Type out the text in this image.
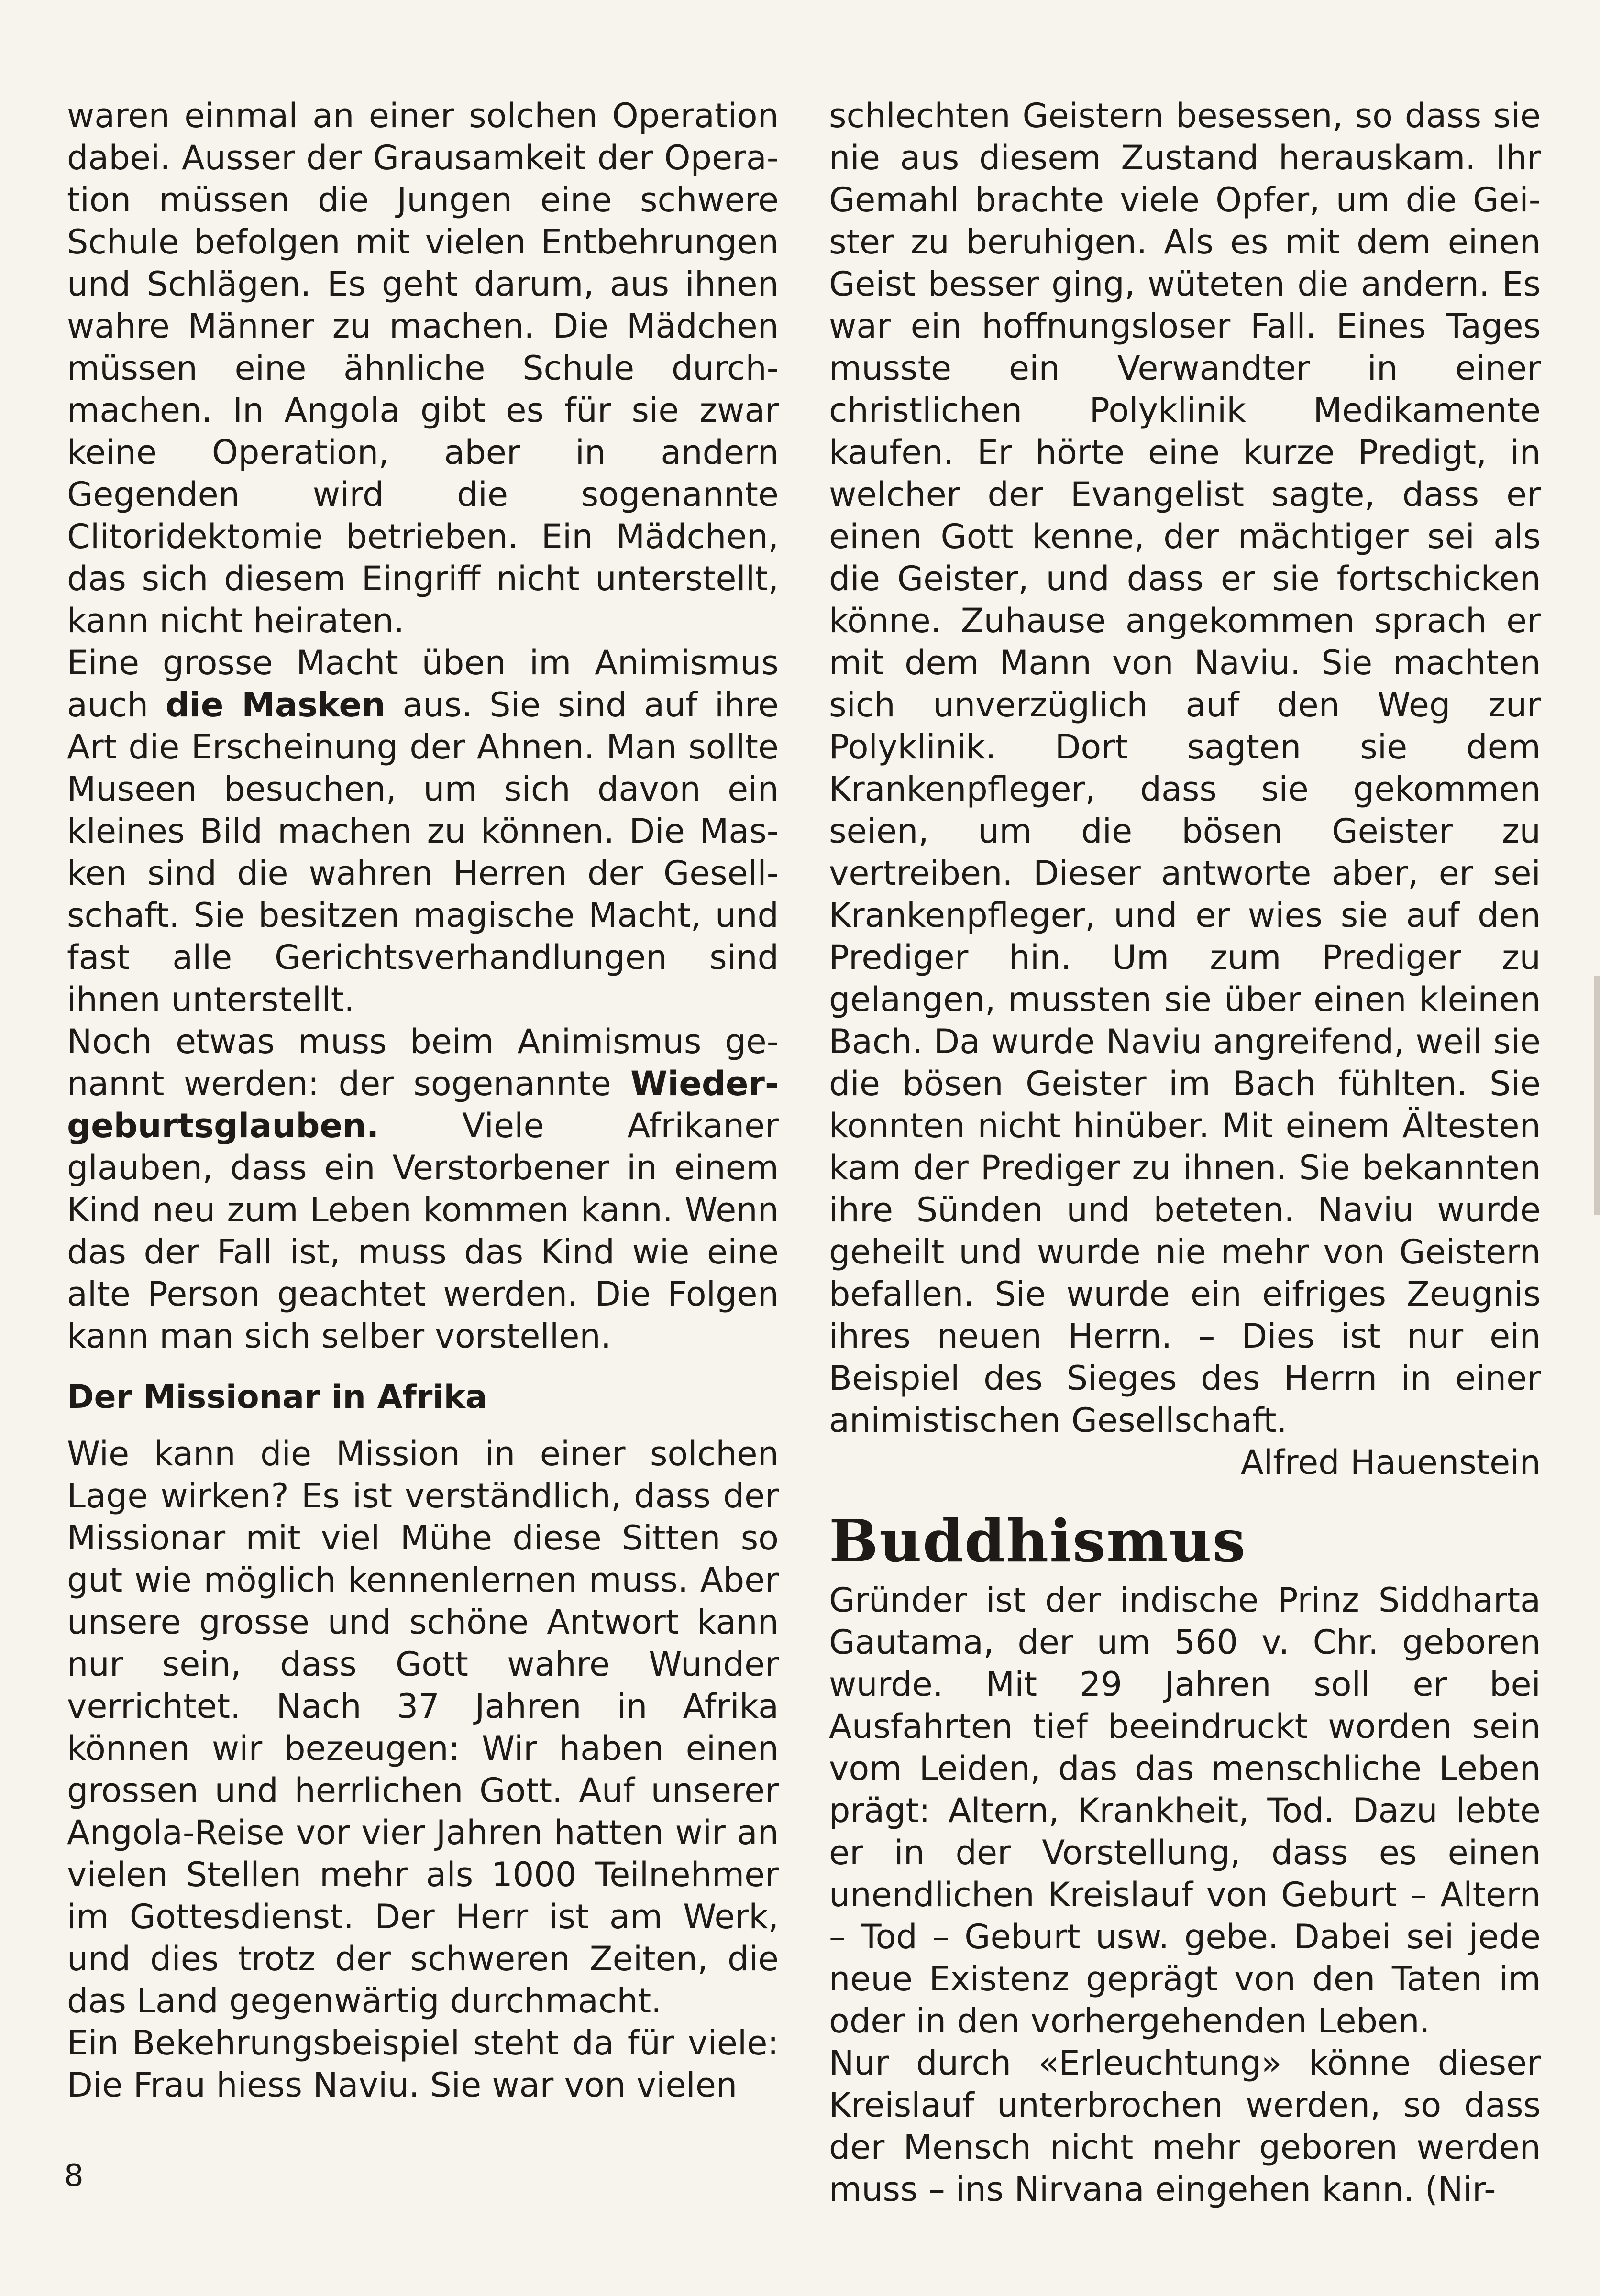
waren einmal an einer solchen Operation dabei. Ausser der Grausamkeit der Operation müssen die Jungen eine schwere Schule befolgen mit vielen Entbehrungen und Schlägen. Es geht darum, aus ihnen wahre Männer zu machen. Die Mädchen müssen eine ähnliche Schule durchmachen. In Angola gibt es für sie zwar keine Operation, aber in andern Gegenden wird die sogenannte Clitoridektomie betrieben. Ein Mädchen, das sich diesem Eingriff nicht unterstellt, kann nicht heiraten.

Eine grosse Macht üben im Animismus auch die Masken aus. Sie sind auf ihre Art die Erscheinung der Ahnen. Man sollte Museen besuchen, um sich davon ein kleines Bild machen zu können. Die Masken sind die wahren Herren der Gesellschaft. Sie besitzen magische Macht, und fast alle Gerichtsverhandlungen sind ihnen unterstellt.

Noch etwas muss beim Animismus genannt werden: der sogenannte Wiedergeburtsglauben. Viele Afrikaner glauben, dass ein Verstorbener in einem Kind neu zum Leben kommen kann. Wenn das der Fall ist, muss das Kind wie eine alte Person geachtet werden. Die Folgen kann man sich selber vorstellen.

Der Missionar in Afrika

Wie kann die Mission in einer solchen Lage wirken? Es ist verständlich, dass der Missionar mit viel Mühe diese Sitten so gut wie möglich kennenlernen muss. Aber unsere grosse und schöne Antwort kann nur sein, dass Gott wahre Wunder verrichtet. Nach 37 Jahren in Afrika können wir bezeugen: Wir haben einen grossen und herrlichen Gott. Auf unserer Angola-Reise vor vier Jahren hatten wir an vielen Stellen mehr als 1000 Teilnehmer im Gottesdienst. Der Herr ist am Werk, und dies trotz der schweren Zeiten, die das Land gegenwärtig durchmacht.

Ein Bekehrungsbeispiel steht da für viele: Die Frau hiess Naviu. Sie war von vielen

schlechten Geistern besessen, so dass sie nie aus diesem Zustand herauskam. Ihr Gemahl brachte viele Opfer, um die Geister zu beruhigen. Als es mit dem einen Geist besser ging, wüteten die andern. Es war ein hoffnungsloser Fall. Eines Tages musste ein Verwandter in einer christlichen Polyklinik Medikamente kaufen. Er hörte eine kurze Predigt, in welcher der Evangelist sagte, dass er einen Gott kenne, der mächtiger sei als die Geister, und dass er sie fortschicken könne. Zuhause angekommen sprach er mit dem Mann von Naviu. Sie machten sich unverzüglich auf den Weg zur Polyklinik. Dort sagten sie dem Krankenpfleger, dass sie gekommen seien, um die bösen Geister zu vertreiben. Dieser antworte aber, er sei Krankenpfleger, und er wies sie auf den Prediger hin. Um zum Prediger zu gelangen, mussten sie über einen kleinen Bach. Da wurde Naviu angreifend, weil sie die bösen Geister im Bach fühlten. Sie konnten nicht hinüber. Mit einem Ältesten kam der Prediger zu ihnen. Sie bekannten ihre Sünden und beteten. Naviu wurde geheilt und wurde nie mehr von Geistern befallen. Sie wurde ein eifriges Zeugnis ihres neuen Herrn. – Dies ist nur ein Beispiel des Sieges des Herrn in einer animistischen Gesellschaft.

Alfred Hauenstein

Buddhismus

Gründer ist der indische Prinz Siddharta Gautama, der um 560 v. Chr. geboren wurde. Mit 29 Jahren soll er bei Ausfahrten tief beeindruckt worden sein vom Leiden, das das menschliche Leben prägt: Altern, Krankheit, Tod. Dazu lebte er in der Vorstellung, dass es einen unendlichen Kreislauf von Geburt – Altern – Tod – Geburt usw. gebe. Dabei sei jede neue Existenz geprägt von den Taten im oder in den vorhergehenden Leben.

Nur durch «Erleuchtung» könne dieser Kreislauf unterbrochen werden, so dass der Mensch nicht mehr geboren werden muss – ins Nirvana eingehen kann. (Nir-

8
